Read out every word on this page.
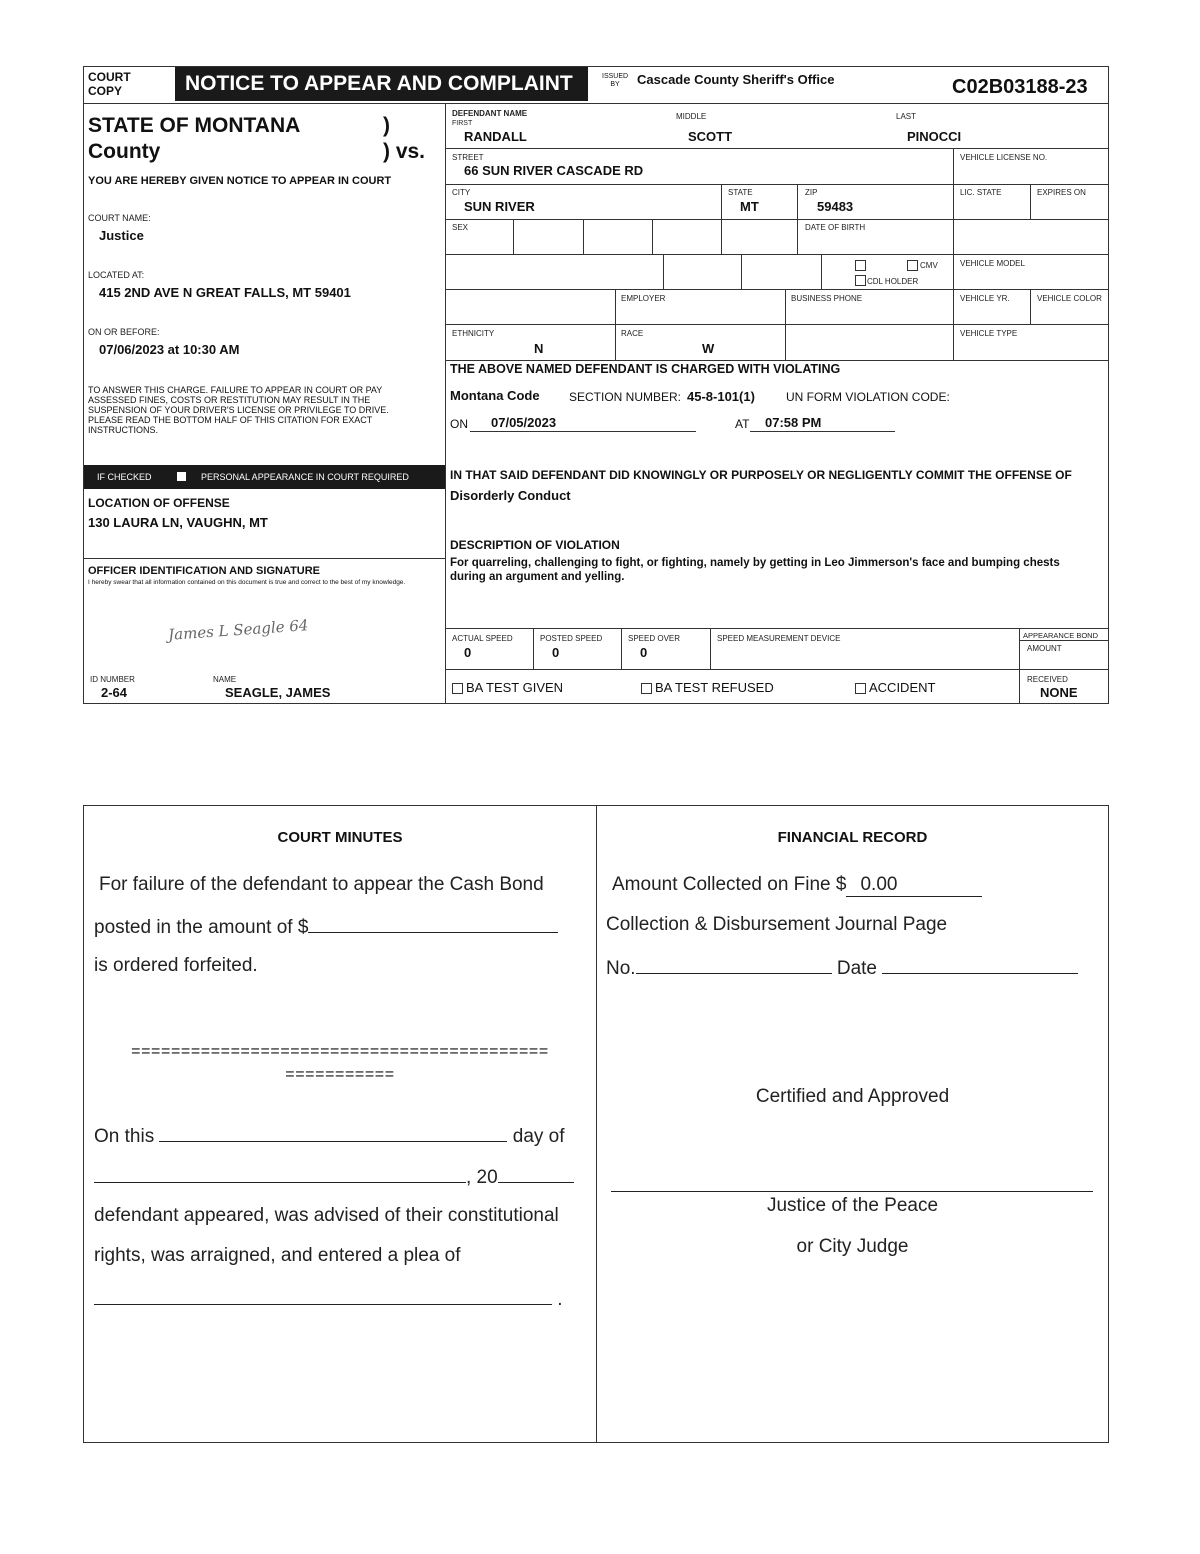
COURT
COPY	NOTICE TO APPEAR AND COMPLAINT	ISSUED
BY	Cascade County Sheriff's Office	C02B03188-23
STATE OF MONTANA	)
County	) vs.
YOU ARE HEREBY GIVEN NOTICE TO APPEAR IN COURT
COURT NAME:
Justice
LOCATED AT:
415 2ND AVE N GREAT FALLS, MT 59401
ON OR BEFORE:
07/06/2023 at 10:30 AM
TO ANSWER THIS CHARGE. FAILURE TO APPEAR IN COURT OR PAY
ASSESSED FINES, COSTS OR RESTITUTION MAY RESULT IN THE
SUSPENSION OF YOUR DRIVER'S LICENSE OR PRIVILEGE TO DRIVE.
PLEASE READ THE BOTTOM HALF OF THIS CITATION FOR EXACT
INSTRUCTIONS.
IF CHECKED	PERSONAL APPEARANCE IN COURT REQUIRED
LOCATION OF OFFENSE
130 LAURA LN, VAUGHN, MT
OFFICER IDENTIFICATION AND SIGNATURE
I hereby swear that all information contained on this document is true and correct to the best of my knowledge.
James L Seagle 64
ID NUMBER
2-64
NAME
SEAGLE, JAMES
DEFENDANT NAME
FIRST
RANDALL
MIDDLE
SCOTT
LAST
PINOCCI
STREET
66 SUN RIVER CASCADE RD
VEHICLE LICENSE NO.
CITY
SUN RIVER
STATE
MT
ZIP
59483
LIC. STATE	EXPIRES ON
SEX	DATE OF BIRTH
CMV
CDL HOLDER
VEHICLE MODEL
EMPLOYER	BUSINESS PHONE	VEHICLE YR.	VEHICLE COLOR
ETHNICITY
N
RACE
W
VEHICLE TYPE
THE ABOVE NAMED DEFENDANT IS CHARGED WITH VIOLATING
Montana Code SECTION NUMBER: 45-8-101(1)	UN FORM VIOLATION CODE:
ON 07/05/2023	AT 07:58 PM
IN THAT SAID DEFENDANT DID KNOWINGLY OR PURPOSELY OR NEGLIGENTLY COMMIT THE OFFENSE OF
Disorderly Conduct
DESCRIPTION OF VIOLATION
For quarreling, challenging to fight, or fighting, namely by getting in Leo Jimmerson's face and bumping chests
during an argument and yelling.
ACTUAL SPEED
0
POSTED SPEED
0
SPEED OVER
0
SPEED MEASUREMENT DEVICE	APPEARANCE BOND
AMOUNT
RECEIVED
NONE
BA TEST GIVEN	BA TEST REFUSED	ACCIDENT
COURT MINUTES
For failure of the defendant to appear the Cash Bond
posted in the amount of $
is ordered forfeited.
==========================================
===========
On this	day of
, 20
defendant appeared, was advised of their constitutional
rights, was arraigned, and entered a plea of
.
FINANCIAL RECORD
Amount Collected on Fine $ 0.00
Collection & Disbursement Journal Page
No.	Date
Certified and Approved
Justice of the Peace
or City Judge
